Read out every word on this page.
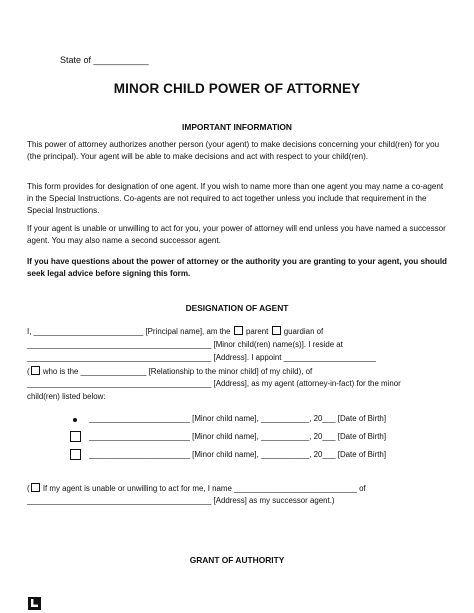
State of ___________
MINOR CHILD POWER OF ATTORNEY
IMPORTANT INFORMATION
This power of attorney authorizes another person (your agent) to make decisions concerning your child(ren) for you (the principal). Your agent will be able to make decisions and act with respect to your child(ren).
This form provides for designation of one agent. If you wish to name more than one agent you may name a co-agent in the Special Instructions. Co-agents are not required to act together unless you include that requirement in the Special Instructions.
If your agent is unable or unwilling to act for you, your power of attorney will end unless you have named a successor agent. You may also name a second successor agent.
If you have questions about the power of attorney or the authority you are granting to your agent, you should seek legal advice before signing this form.
DESIGNATION OF AGENT
I, _________________________ [Principal name], am the parent guardian of
__________________________________________ [Minor child(ren) name(s)]. I reside at
__________________________________________ [Address]. I appoint _____________________
( who is the _______________ [Relationship to the minor child] of my child), of
__________________________________________ [Address], as my agent (attorney-in-fact) for the minor
child(ren) listed below:
_______________________ [Minor child name], ___________, 20___ [Date of Birth]
_______________________ [Minor child name], ___________, 20___ [Date of Birth]
_______________________ [Minor child name], ___________, 20___ [Date of Birth]
( If my agent is unable or unwilling to act for me, I name ____________________________ of
__________________________________________ [Address] as my successor agent.)
GRANT OF AUTHORITY
